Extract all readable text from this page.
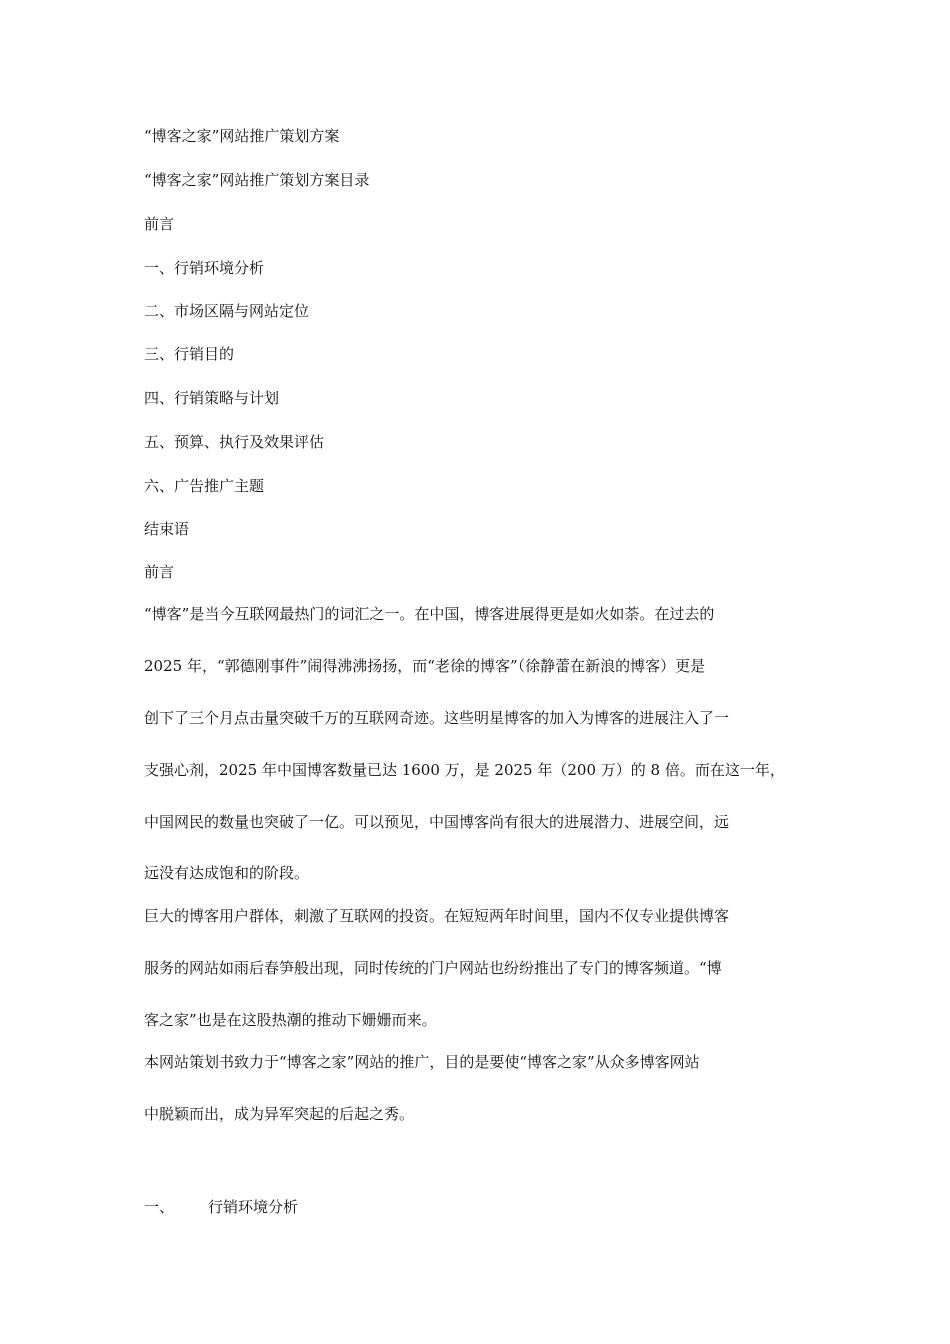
“博客之家”网站推广策划方案
“博客之家”网站推广策划方案目录
前言
一、行销环境分析
二、市场区隔与网站定位
三、行销目的
四、行销策略与计划
五、预算、执行及效果评估
六、广告推广主题
结束语
前言
“博客”是当今互联网最热门的词汇之一。在中国，博客进展得更是如火如荼。在过去的
2025 年，“郭德刚事件”闹得沸沸扬扬，而“老徐的博客”（徐静蕾在新浪的博客）更是
创下了三个月点击量突破千万的互联网奇迹。这些明星博客的加入为博客的进展注入了一
支强心剂，2025 年中国博客数量已达 1600 万，是 2025 年（200 万）的 8 倍。而在这一年，
中国网民的数量也突破了一亿。可以预见，中国博客尚有很大的进展潜力、进展空间，远
远没有达成饱和的阶段。
巨大的博客用户群体，刺激了互联网的投资。在短短两年时间里，国内不仅专业提供博客
服务的网站如雨后春笋般出现，同时传统的门户网站也纷纷推出了专门的博客频道。“博
客之家”也是在这股热潮的推动下姗姗而来。
本网站策划书致力于“博客之家”网站的推广，目的是要使“博客之家”从众多博客网站
中脱颖而出，成为异军突起的后起之秀。
一、 行销环境分析
